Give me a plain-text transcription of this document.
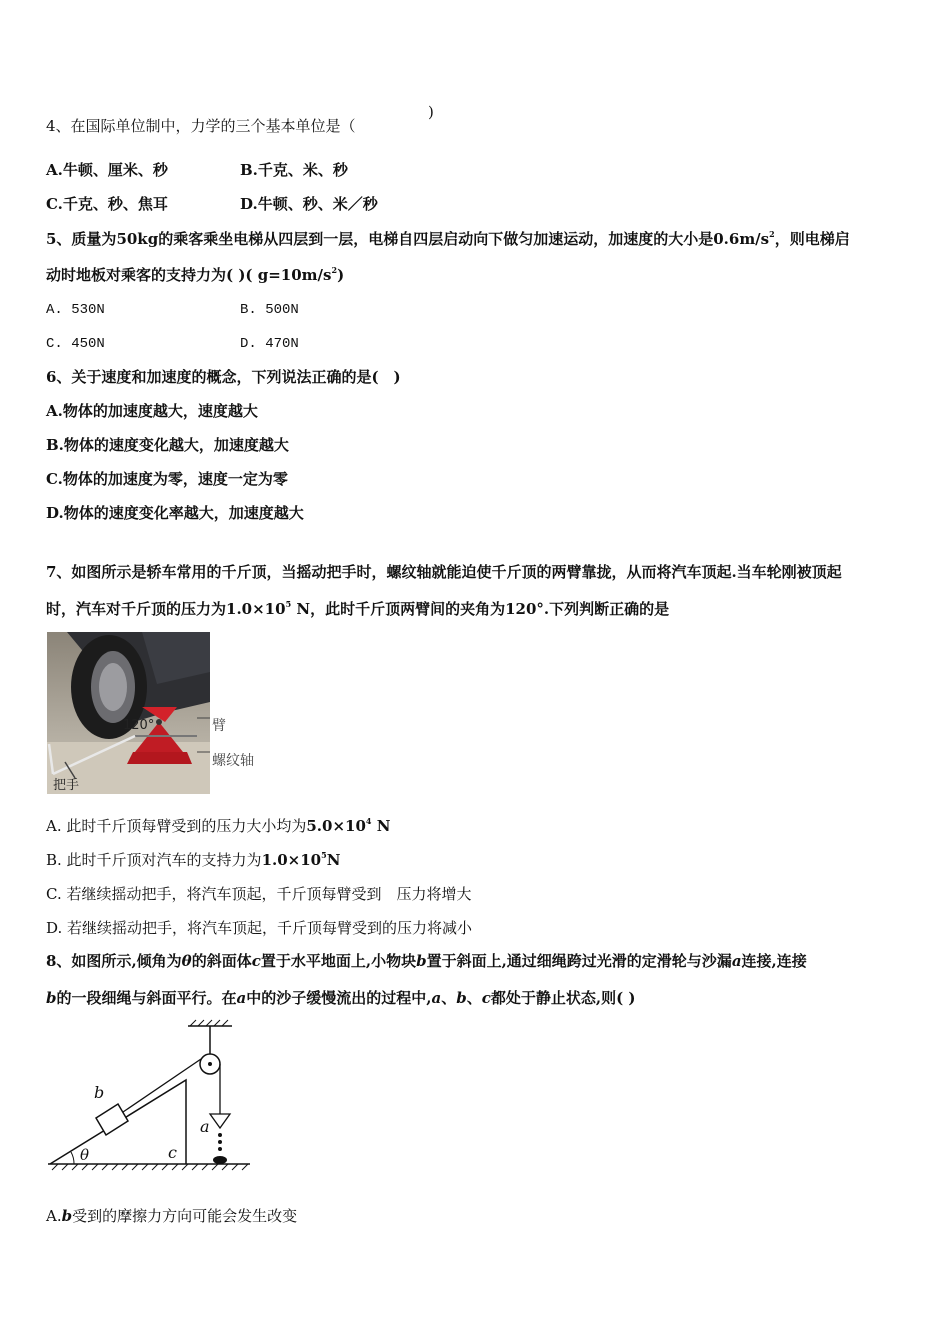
)
4、在国际单位制中，力学的三个基本单位是（
A.牛顿、厘米、秒	B.千克、米、秒
C.千克、秒、焦耳	D.牛顿、秒、米／秒
5、质量为50kg的乘客乘坐电梯从四层到一层，电梯自四层启动向下做匀加速运动，加速度的大小是$0.6m/s^2$，则电梯启
动时地板对乘客的支持力为( )( $g=10m/s^2$)
A. 530N	B. 500N
C. 450N	D. 470N
6、关于速度和加速度的概念，下列说法正确的是(　)
A.物体的加速度越大，速度越大
B.物体的速度变化越大，加速度越大
C.物体的加速度为零，速度一定为零
D.物体的速度变化率越大，加速度越大
7、如图所示是轿车常用的千斤顶，当摇动把手时，螺纹轴就能迫使千斤顶的两臂靠拢，从而将汽车顶起.当车轮刚被顶起
时，汽车对千斤顶的压力为$1.0\times 10^5$ N，此时千斤顶两臂间的夹角为120°.下列判断正确的是
120°
把手
臂
螺纹轴
A. 此时千斤顶每臂受到的压力大小均为$5.0\times 10^4$ N
B. 此时千斤顶对汽车的支持力为$1.0\times 10^5N$
C. 若继续摇动把手，将汽车顶起，千斤顶每臂受到　压力将增大
D. 若继续摇动把手，将汽车顶起，千斤顶每臂受到的压力将减小
8、如图所示,倾角为θ的斜面体c置于水平地面上,小物块b置于斜面上,通过细绳跨过光滑的定滑轮与沙漏a连接,连接
b的一段细绳与斜面平行。在a中的沙子缓慢流出的过程中,a、b、c都处于静止状态,则( )
θ
b
c
a
A.b受到的摩擦力方向可能会发生改变
